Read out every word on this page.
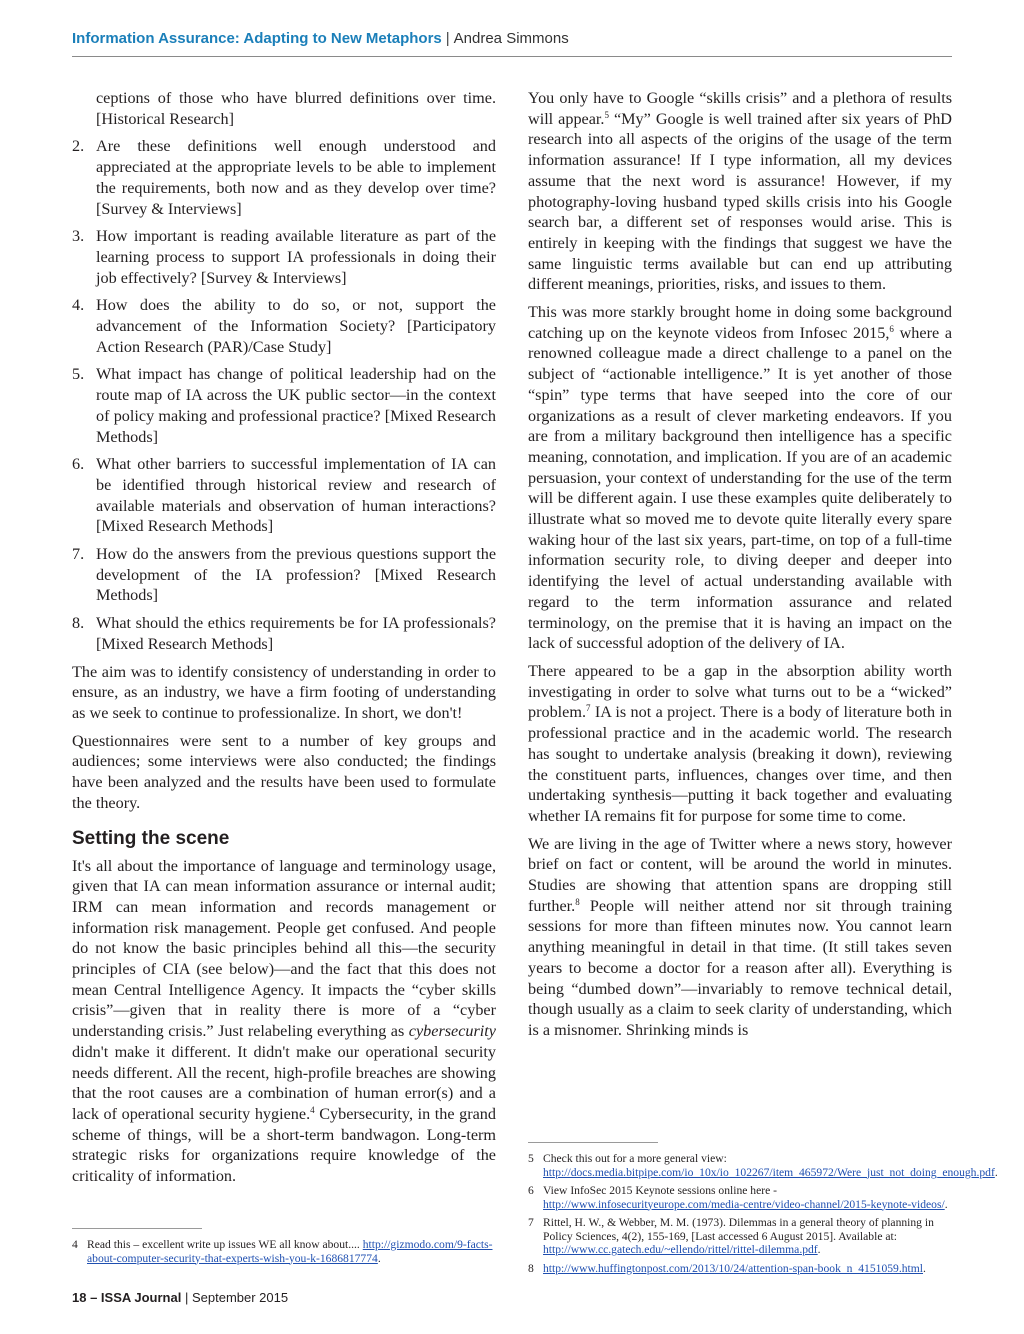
Information Assurance: Adapting to New Metaphors | Andrea Simmons
ceptions of those who have blurred definitions over time. [Historical Research]
2. Are these definitions well enough understood and appreciated at the appropriate levels to be able to implement the requirements, both now and as they develop over time? [Survey & Interviews]
3. How important is reading available literature as part of the learning process to support IA professionals in doing their job effectively? [Survey & Interviews]
4. How does the ability to do so, or not, support the advancement of the Information Society? [Participatory Action Research (PAR)/Case Study]
5. What impact has change of political leadership had on the route map of IA across the UK public sector—in the context of policy making and professional practice? [Mixed Research Methods]
6. What other barriers to successful implementation of IA can be identified through historical review and research of available materials and observation of human interactions? [Mixed Research Methods]
7. How do the answers from the previous questions support the development of the IA profession? [Mixed Research Methods]
8. What should the ethics requirements be for IA professionals? [Mixed Research Methods]

The aim was to identify consistency of understanding in order to ensure, as an industry, we have a firm footing of understanding as we seek to continue to professionalize. In short, we don't!

Questionnaires were sent to a number of key groups and audiences; some interviews were also conducted; the findings have been analyzed and the results have been used to formulate the theory.

Setting the scene

It's all about the importance of language and terminology usage, given that IA can mean information assurance or internal audit; IRM can mean information and records management or information risk management. People get confused. And people do not know the basic principles behind all this—the security principles of CIA (see below)—and the fact that this does not mean Central Intelligence Agency. It impacts the “cyber skills crisis”—given that in reality there is more of a “cyber understanding crisis.” Just relabeling everything as cybersecurity didn't make it different. It didn't make our operational security needs different. All the recent, high-profile breaches are showing that the root causes are a combination of human error(s) and a lack of operational security hygiene.$^4$ Cybersecurity, in the grand scheme of things, will be a short-term bandwagon. Long-term strategic risks for organizations require knowledge of the criticality of information.

You only have to Google “skills crisis” and a plethora of results will appear.$^5$ “My” Google is well trained after six years of PhD research into all aspects of the origins of the usage of the term information assurance! If I type information, all my devices assume that the next word is assurance! However, if my photography-loving husband typed skills crisis into his Google search bar, a different set of responses would arise. This is entirely in keeping with the findings that suggest we have the same linguistic terms available but can end up attributing different meanings, priorities, risks, and issues to them.

This was more starkly brought home in doing some background catching up on the keynote videos from Infosec 2015,$^6$ where a renowned colleague made a direct challenge to a panel on the subject of “actionable intelligence.” It is yet another of those “spin” type terms that have seeped into the core of our organizations as a result of clever marketing endeavors. If you are from a military background then intelligence has a specific meaning, connotation, and implication. If you are of an academic persuasion, your context of understanding for the use of the term will be different again. I use these examples quite deliberately to illustrate what so moved me to devote quite literally every spare waking hour of the last six years, part-time, on top of a full-time information security role, to diving deeper and deeper into identifying the level of actual understanding available with regard to the term information assurance and related terminology, on the premise that it is having an impact on the lack of successful adoption of the delivery of IA.

There appeared to be a gap in the absorption ability worth investigating in order to solve what turns out to be a “wicked” problem.$^7$ IA is not a project. There is a body of literature both in professional practice and in the academic world. The research has sought to undertake analysis (breaking it down), reviewing the constituent parts, influences, changes over time, and then undertaking synthesis—putting it back together and evaluating whether IA remains fit for purpose for some time to come.

We are living in the age of Twitter where a news story, however brief on fact or content, will be around the world in minutes. Studies are showing that attention spans are dropping still further.$^8$ People will neither attend nor sit through training sessions for more than fifteen minutes now. You cannot learn anything meaningful in detail in that time. (It still takes seven years to become a doctor for a reason after all). Everything is being “dumbed down”—invariably to remove technical detail, though usually as a claim to seek clarity of understanding, which is a misnomer. Shrinking minds is

4 Read this – excellent write up issues WE all know about.... http://gizmodo.com/9-facts-about-computer-security-that-experts-wish-you-k-1686817774.
5 Check this out for a more general view: http://docs.media.bitpipe.com/io_10x/io_102267/item_465972/Were_just_not_doing_enough.pdf.
6 View InfoSec 2015 Keynote sessions online here - http://www.infosecurityeurope.com/media-centre/video-channel/2015-keynote-videos/.
7 Rittel, H. W., & Webber, M. M. (1973). Dilemmas in a general theory of planning in Policy Sciences, 4(2), 155-169, [Last accessed 6 August 2015]. Available at: http://www.cc.gatech.edu/~ellendo/rittel/rittel-dilemma.pdf.
8 http://www.huffingtonpost.com/2013/10/24/attention-span-book_n_4151059.html.
18 – ISSA Journal | September 2015
